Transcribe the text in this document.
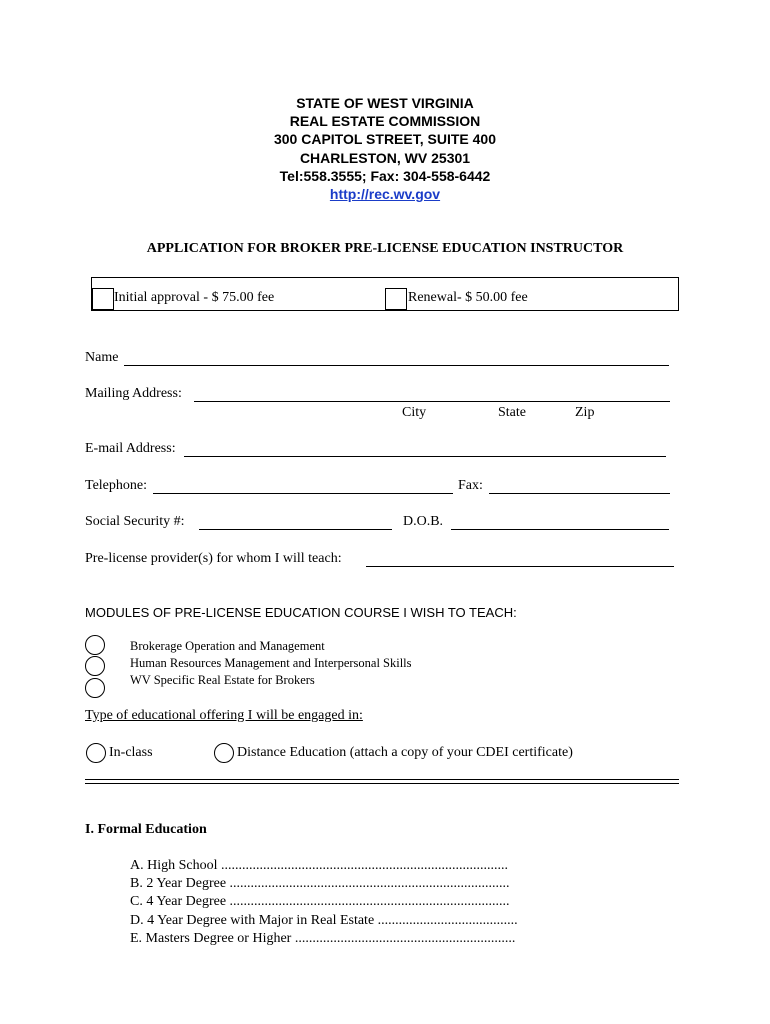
STATE OF WEST VIRGINIA
REAL ESTATE COMMISSION
300 CAPITOL STREET, SUITE 400
CHARLESTON, WV 25301
Tel:558.3555; Fax: 304-558-6442
http://rec.wv.gov
APPLICATION FOR BROKER PRE-LICENSE EDUCATION INSTRUCTOR
Initial approval - $ 75.00 fee	Renewal- $ 50.00 fee
Name
Mailing Address:
City	State	Zip
E-mail Address:
Telephone:	Fax:
Social Security #:	D.O.B.
Pre-license provider(s) for whom I will teach:
MODULES OF PRE-LICENSE EDUCATION COURSE I WISH TO TEACH:
Brokerage Operation and Management
Human Resources Management and Interpersonal Skills
WV Specific Real Estate for Brokers
Type of educational offering I will be engaged in:
In-class	Distance Education (attach a copy of your CDEI certificate)
I. Formal Education
A. High School ..................................................................................
B. 2 Year Degree ................................................................................
C. 4 Year Degree ................................................................................
D. 4 Year Degree with Major in Real Estate ........................................
E. Masters Degree or Higher ...............................................................
